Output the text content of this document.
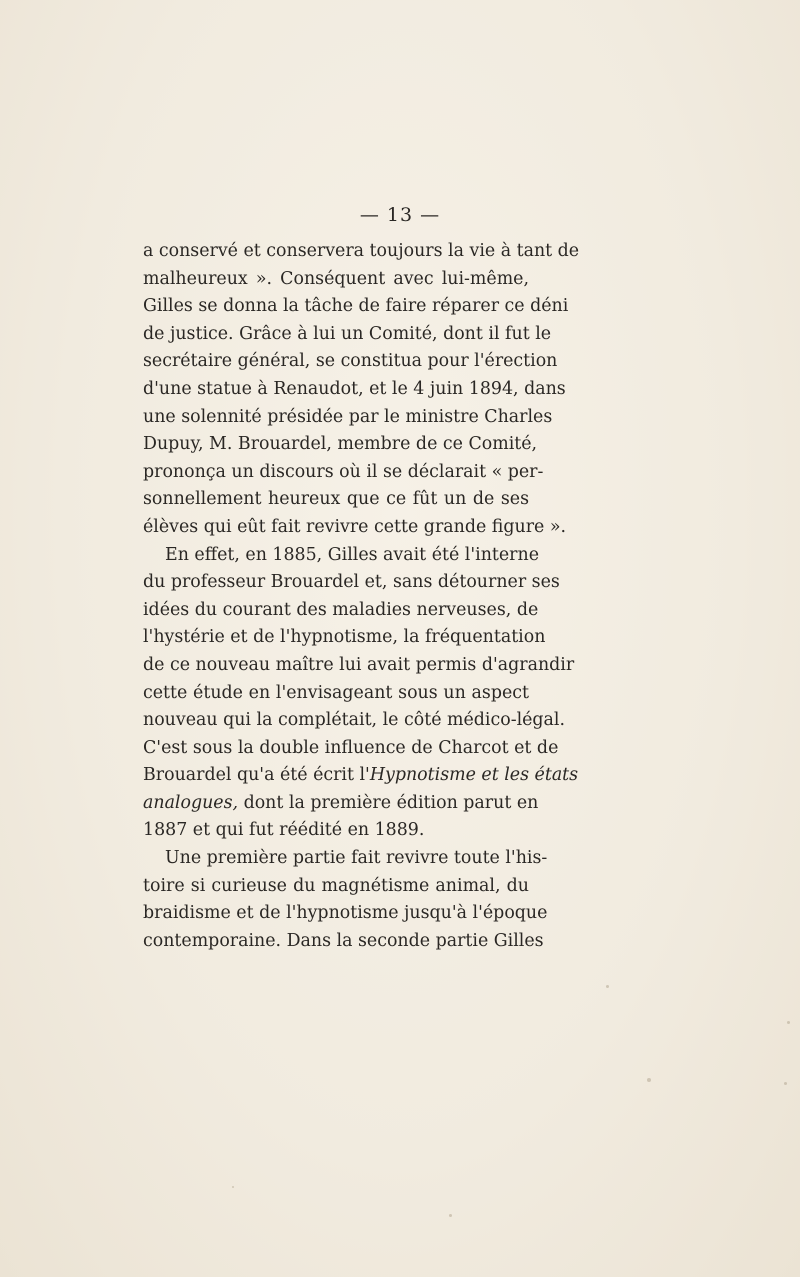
— 13 —
a conservé et conservera toujours la vie à tant de
malheureux ». Conséquent avec lui-même,
Gilles se donna la tâche de faire réparer ce déni
de justice. Grâce à lui un Comité, dont il fut le
secrétaire général, se constitua pour l'érection
d'une statue à Renaudot, et le 4 juin 1894, dans
une solennité présidée par le ministre Charles
Dupuy, M. Brouardel, membre de ce Comité,
prononça un discours où il se déclarait « per-
sonnellement heureux que ce fût un de ses
élèves qui eût fait revivre cette grande figure ».
En effet, en 1885, Gilles avait été l'interne
du professeur Brouardel et, sans détourner ses
idées du courant des maladies nerveuses, de
l'hystérie et de l'hypnotisme, la fréquentation
de ce nouveau maître lui avait permis d'agrandir
cette étude en l'envisageant sous un aspect
nouveau qui la complétait, le côté médico-légal.
C'est sous la double influence de Charcot et de
Brouardel qu'a été écrit l'Hypnotisme et les états
analogues, dont la première édition parut en
1887 et qui fut réédité en 1889.
Une première partie fait revivre toute l'his-
toire si curieuse du magnétisme animal, du
braidisme et de l'hypnotisme jusqu'à l'époque
contemporaine. Dans la seconde partie Gilles
